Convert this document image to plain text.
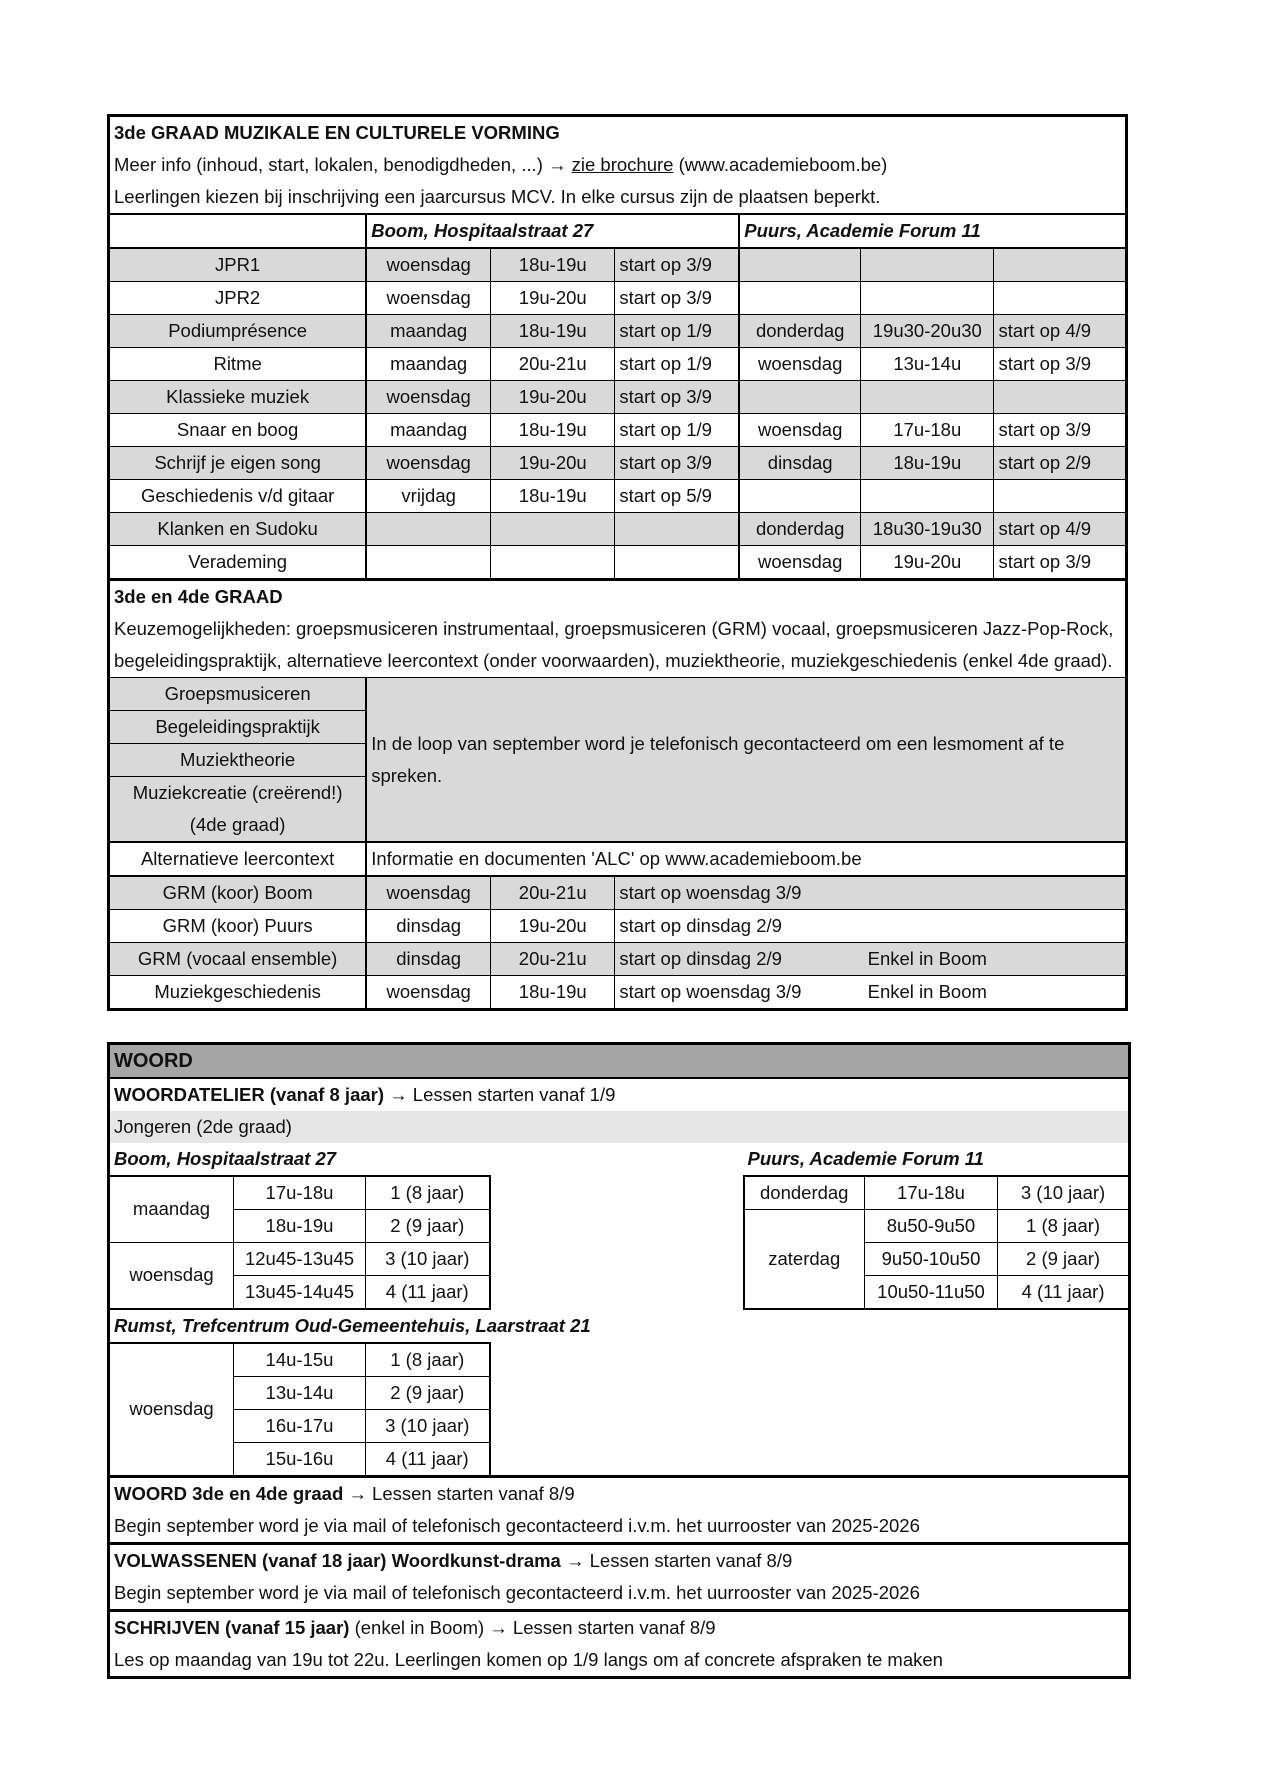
3de GRAAD MUZIKALE EN CULTURELE VORMING						
Meer info (inhoud, start, lokalen, benodigdheden, ...) → zie brochure (www.academieboom.be)						
Leerlingen kiezen bij inschrijving een jaarcursus MCV. In elke cursus zijn de plaatsen beperkt.						
	Boom, Hospitaalstraat 27			Puurs, Academie Forum 11		
JPR1	woensdag	18u-19u	start op 3/9			
JPR2	woensdag	19u-20u	start op 3/9			
Podiumprésence	maandag	18u-19u	start op 1/9	donderdag	19u30-20u30	start op 4/9
Ritme	maandag	20u-21u	start op 1/9	woensdag	13u-14u	start op 3/9
Klassieke muziek	woensdag	19u-20u	start op 3/9			
Snaar en boog	maandag	18u-19u	start op 1/9	woensdag	17u-18u	start op 3/9
Schrijf je eigen song	woensdag	19u-20u	start op 3/9	dinsdag	18u-19u	start op 2/9
Geschiedenis v/d gitaar	vrijdag	18u-19u	start op 5/9			
Klanken en Sudoku				donderdag	18u30-19u30	start op 4/9
Verademing				woensdag	19u-20u	start op 3/9
3de en 4de GRAAD						
Keuzemogelijkheden: groepsmusiceren instrumentaal, groepsmusiceren (GRM) vocaal, groepsmusiceren Jazz-Pop-Rock, begeleidingspraktijk, alternatieve leercontext (onder voorwaarden), muziektheorie, muziekgeschiedenis (enkel 4de graad).						
Groepsmusiceren	In de loop van september word je telefonisch gecontacteerd om een lesmoment af te spreken.					
Begeleidingspraktijk						
Muziektheorie						
Muziekcreatie (creërend!)						
(4de graad)						
Alternatieve leercontext	Informatie en documenten 'ALC' op www.academieboom.be					
GRM (koor) Boom	woensdag	20u-21u	start op woensdag 3/9			
GRM (koor) Puurs	dinsdag	19u-20u	start op dinsdag 2/9			
GRM (vocaal ensemble)	dinsdag	20u-21u	start op dinsdag 2/9		Enkel in Boom	
Muziekgeschiedenis	woensdag	18u-19u	start op woensdag 3/9		Enkel in Boom	
WOORD						
WOORDATELIER (vanaf 8 jaar) → Lessen starten vanaf 1/9						
Jongeren (2de graad)						
Boom, Hospitaalstraat 27				Puurs, Academie Forum 11		
maandag	17u-18u	1 (8 jaar)		donderdag	17u-18u	3 (10 jaar)
	18u-19u	2 (9 jaar)		zaterdag	8u50-9u50	1 (8 jaar)
woensdag	12u45-13u45	3 (10 jaar)			9u50-10u50	2 (9 jaar)
	13u45-14u45	4 (11 jaar)			10u50-11u50	4 (11 jaar)
Rumst, Trefcentrum Oud-Gemeentehuis, Laarstraat 21						
woensdag	14u-15u	1 (8 jaar)				
	13u-14u	2 (9 jaar)				
	16u-17u	3 (10 jaar)				
	15u-16u	4 (11 jaar)				
WOORD 3de en 4de graad → Lessen starten vanaf 8/9						
Begin september word je via mail of telefonisch gecontacteerd i.v.m. het uurrooster van 2025-2026						
VOLWASSENEN (vanaf 18 jaar) Woordkunst-drama → Lessen starten vanaf 8/9						
Begin september word je via mail of telefonisch gecontacteerd i.v.m. het uurrooster van 2025-2026						
SCHRIJVEN (vanaf 15 jaar) (enkel in Boom) → Lessen starten vanaf 8/9						
Les op maandag van 19u tot 22u. Leerlingen komen op 1/9 langs om af concrete afspraken te maken						
